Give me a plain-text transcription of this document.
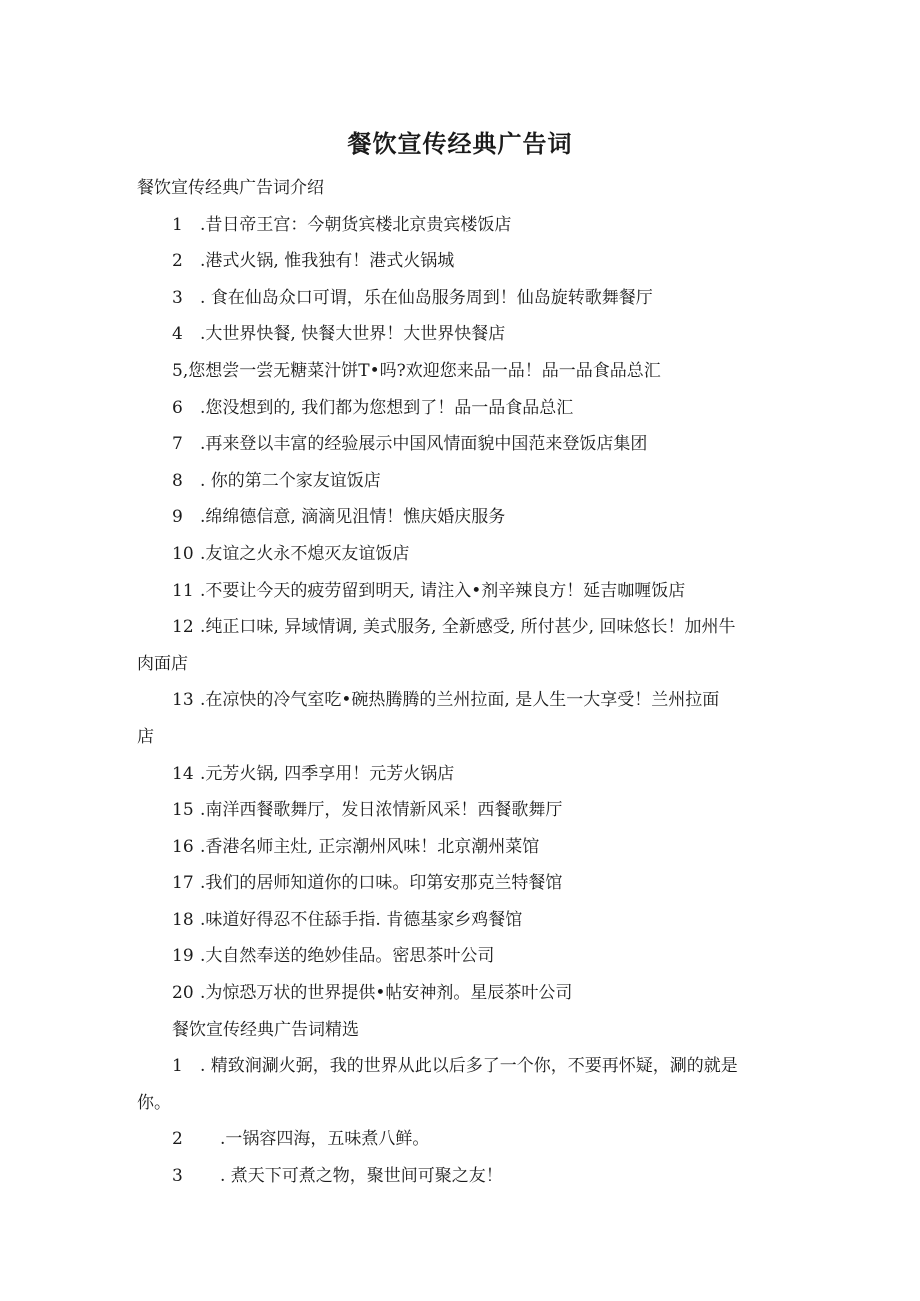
餐饮宣传经典广告词
餐饮宣传经典广告词介绍
1 .昔日帝王宫：今朝货宾楼北京贵宾楼饭店
2 .港式火锅, 惟我独有！港式火锅城
3 . 食在仙岛众口可谓，乐在仙岛服务周到！仙岛旋转歌舞餐厅
4 .大世界快餐, 快餐大世界！大世界快餐店
5,您想尝一尝无糖菜汁饼T•吗?欢迎您来品一品！品一品食品总汇
6 .您没想到的, 我们都为您想到了！品一品食品总汇
7 .再来登以丰富的经验展示中国风情面貌中国范来登饭店集团
8 . 你的第二个家友谊饭店
9 .绵绵德信意, 滴滴见沮情！憔庆婚庆服务
10 .友谊之火永不熄灭友谊饭店
11 .不要让今天的疲劳留到明天, 请注入•剂辛辣良方！延吉咖喱饭店
12 .纯正口味, 异域情调, 美式服务, 全新感受, 所付甚少, 回味悠长！加州牛
肉面店
13 .在凉快的冷气室吃•碗热腾腾的兰州拉面, 是人生一大享受！兰州拉面
店
14 .元芳火锅, 四季享用！元芳火锅店
15 .南洋西餐歌舞厅，发日浓情新风采！西餐歌舞厅
16 .香港名师主灶, 正宗潮州风味！北京潮州菜馆
17 .我们的居师知道你的口味。印第安那克兰特餐馆
18 .味道好得忍不住舔手指. 肯德基家乡鸡餐馆
19 .大自然奉送的绝妙佳品。密思茶叶公司
20 .为惊恐万状的世界提供•帖安神剂。星辰茶叶公司
餐饮宣传经典广告词精选
1 . 精致涧涮火弼，我的世界从此以后多了一个你，不要再怀疑，涮的就是
你。
2 .一锅容四海，五味煮八鲜。
3 . 煮天下可煮之物，聚世间可聚之友！
